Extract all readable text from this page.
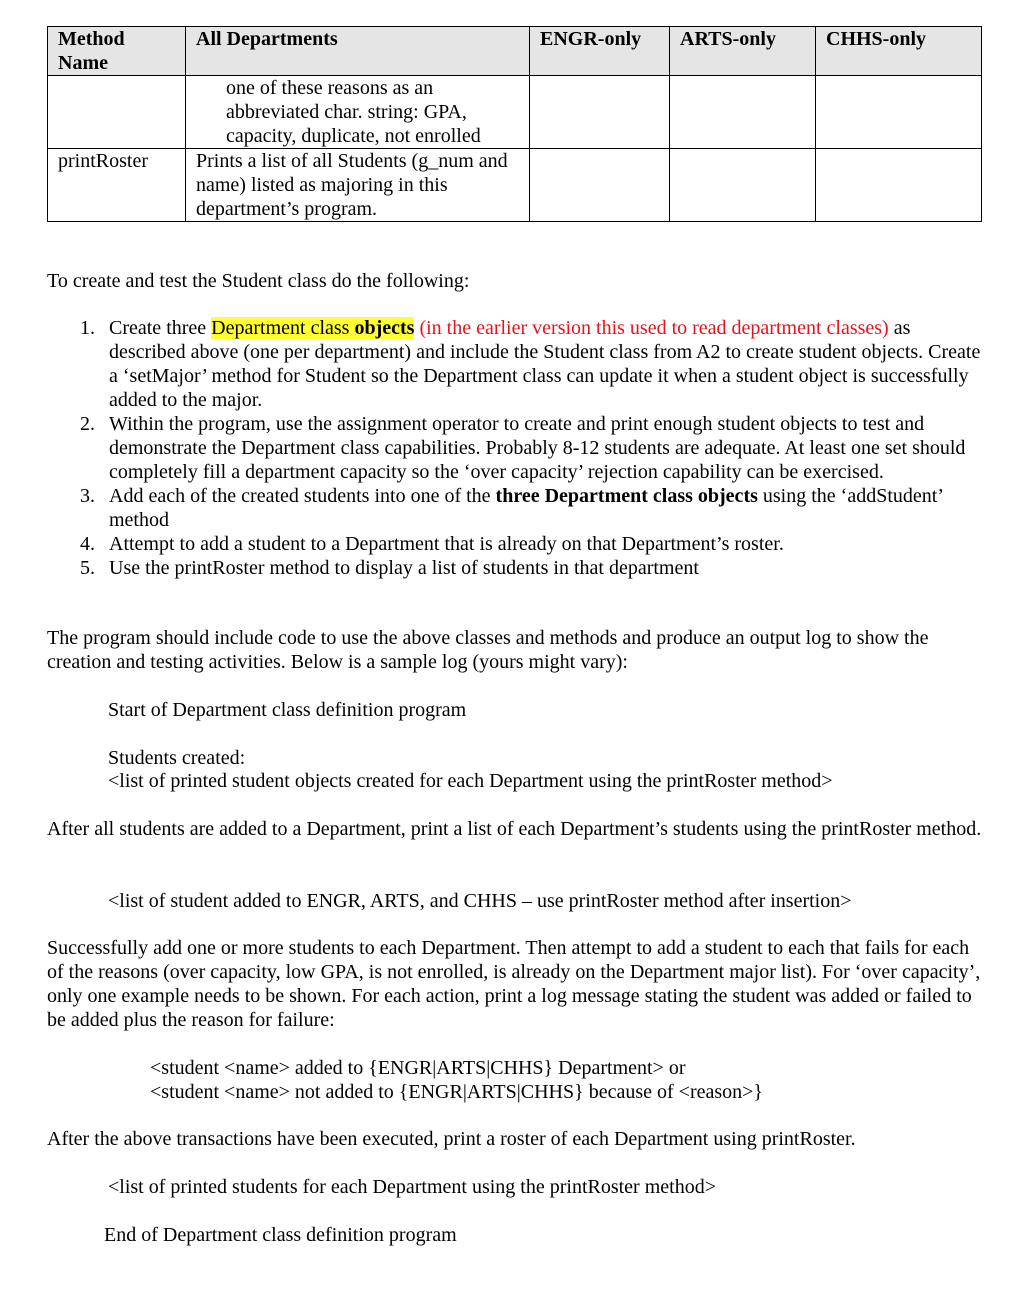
Method Name	All Departments	ENGR-only	ARTS-only	CHHS-only

	one of these reasons as an abbreviated char. string: GPA, capacity, duplicate, not enrolled			

printRoster	Prints a list of all Students (g_num and name) listed as majoring in this department’s program.			

To create and test the Student class do the following:

1. Create three Department class objects (in the earlier version this used to read department classes) as described above (one per department) and include the Student class from A2 to create student objects. Create a ‘setMajor’ method for Student so the Department class can update it when a student object is successfully added to the major.
2. Within the program, use the assignment operator to create and print enough student objects to test and demonstrate the Department class capabilities. Probably 8-12 students are adequate. At least one set should completely fill a department capacity so the ‘over capacity’ rejection capability can be exercised.
3. Add each of the created students into one of the three Department class objects using the ‘addStudent’ method
4. Attempt to add a student to a Department that is already on that Department’s roster.
5. Use the printRoster method to display a list of students in that department

The program should include code to use the above classes and methods and produce an output log to show the creation and testing activities. Below is a sample log (yours might vary):

Start of Department class definition program

Students created:

<list of printed student objects created for each Department using the printRoster method>

After all students are added to a Department, print a list of each Department’s students using the printRoster method.

<list of student added to ENGR, ARTS, and CHHS – use printRoster method after insertion>

Successfully add one or more students to each Department. Then attempt to add a student to each that fails for each of the reasons (over capacity, low GPA, is not enrolled, is already on the Department major list). For ‘over capacity’, only one example needs to be shown. For each action, print a log message stating the student was added or failed to be added plus the reason for failure:

<student <name> added to {ENGR|ARTS|CHHS} Department> or

<student <name> not added to {ENGR|ARTS|CHHS} because of <reason>}

After the above transactions have been executed, print a roster of each Department using printRoster.

<list of printed students for each Department using the printRoster method>

End of Department class definition program
